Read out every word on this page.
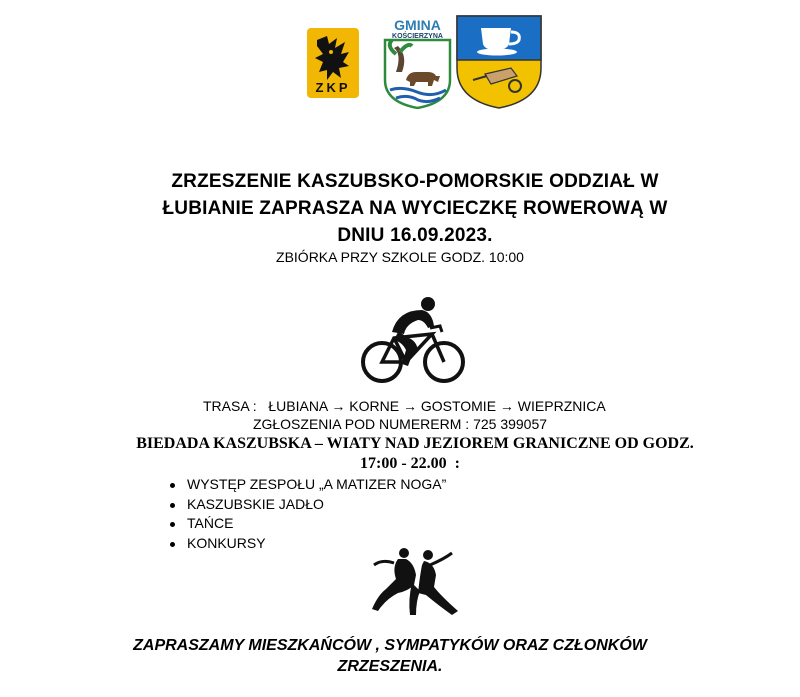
ZKP
GMINA
KOŚCIERZYNA
ZRZESZENIE KASZUBSKO-POMORSKIE ODDZIAŁ W
ŁUBIANIE ZAPRASZA NA WYCIECZKĘ ROWEROWĄ W
DNIU 16.09.2023.
ZBIÓRKA PRZY SZKOLE GODZ. 10:00
TRASA :   ŁUBIANA → KORNE → GOSTOMIE → WIEPRZNICA
ZGŁOSZENIA POD NUMERERM : 725 399057
BIEDADA KASZUBSKA – WIATY NAD JEZIOREM GRANICZNE OD GODZ.
17:00 - 22.00  :
WYSTĘP ZESPOŁU „A MATIZER NOGA”
KASZUBSKIE JADŁO
TAŃCE
KONKURSY
ZAPRASZAMY MIESZKAŃCÓW , SYMPATYKÓW ORAZ CZŁONKÓW
ZRZESZENIA.
